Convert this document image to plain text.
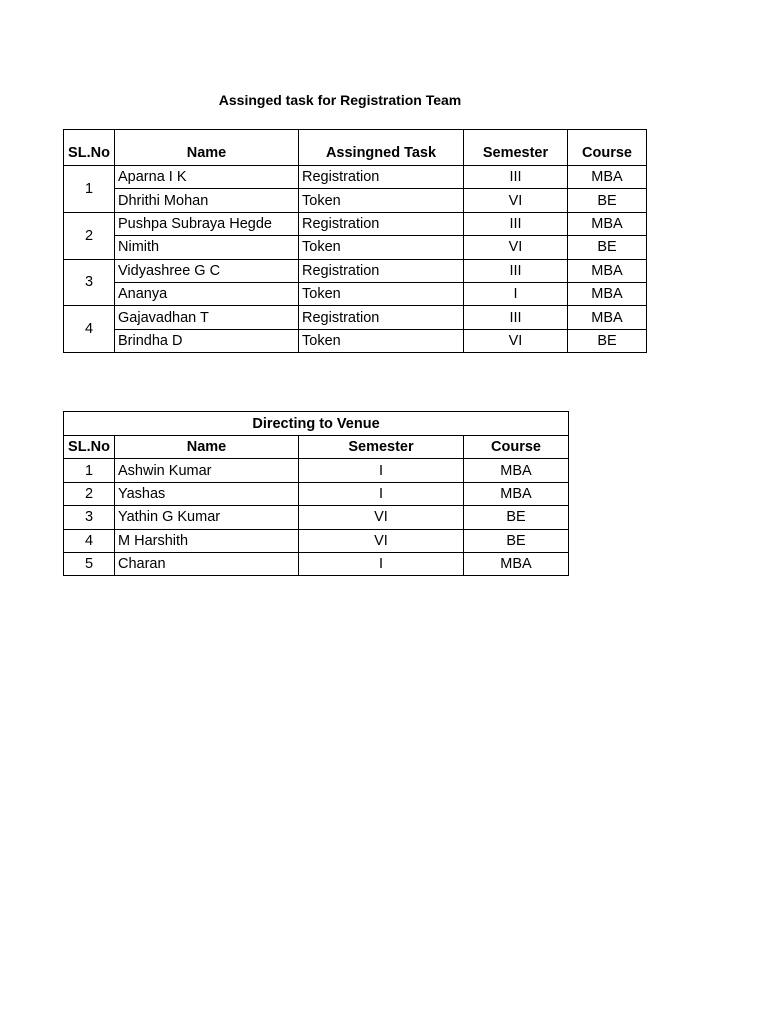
Assinged task for Registration Team
SL.No	Name	Assingned Task	Semester	Course
1	Aparna I K	Registration	III	MBA
	Dhrithi Mohan	Token	VI	BE
2	Pushpa Subraya Hegde	Registration	III	MBA
	Nimith	Token	VI	BE
3	Vidyashree G C	Registration	III	MBA
	Ananya	Token	I	MBA
4	Gajavadhan T	Registration	III	MBA
	Brindha D	Token	VI	BE
Directing to Venue			
SL.No	Name	Semester	Course
1	Ashwin Kumar	I	MBA
2	Yashas	I	MBA
3	Yathin G Kumar	VI	BE
4	M Harshith	VI	BE
5	Charan	I	MBA
